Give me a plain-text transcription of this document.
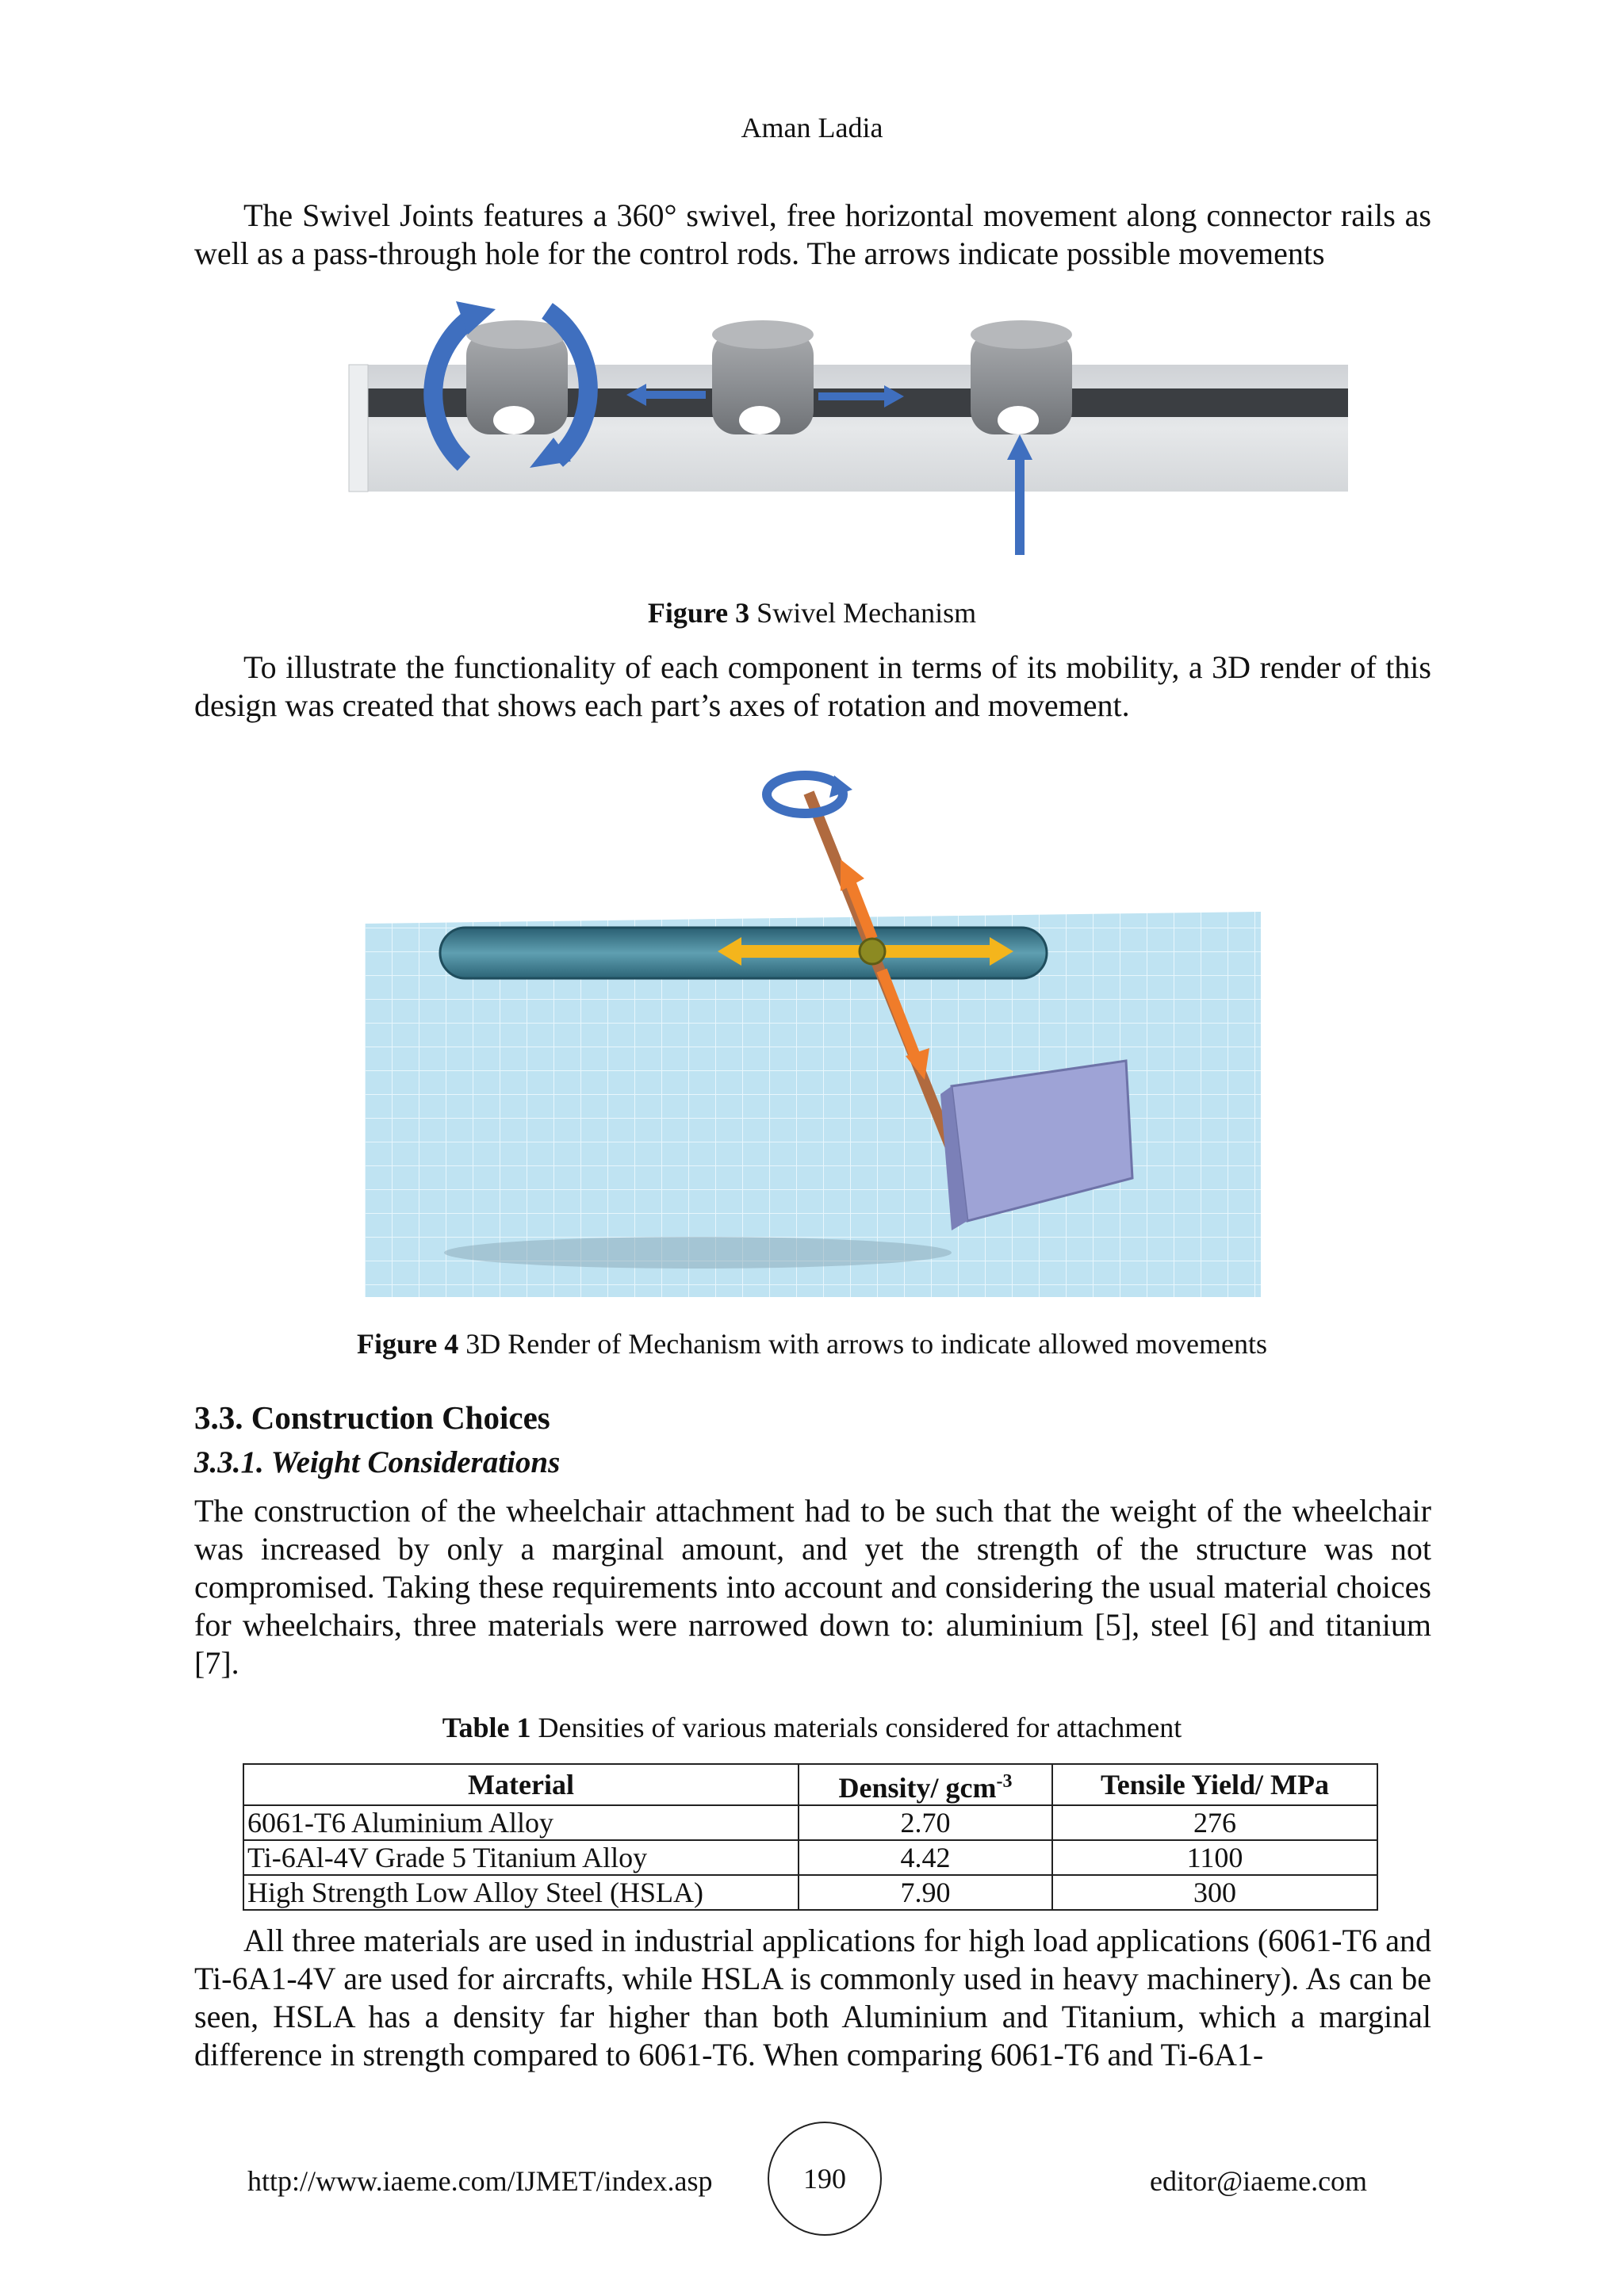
Aman Ladia
The Swivel Joints features a 360° swivel, free horizontal movement along connector rails as well as a pass-through hole for the control rods. The arrows indicate possible movements
Figure 3 Swivel Mechanism
To illustrate the functionality of each component in terms of its mobility, a 3D render of this design was created that shows each part’s axes of rotation and movement.
Figure 4 3D Render of Mechanism with arrows to indicate allowed movements
3.3. Construction Choices
3.3.1. Weight Considerations
The construction of the wheelchair attachment had to be such that the weight of the wheelchair was increased by only a marginal amount, and yet the strength of the structure was not compromised. Taking these requirements into account and considering the usual material choices for wheelchairs, three materials were narrowed down to: aluminium [5], steel [6] and titanium [7].
Table 1 Densities of various materials considered for attachment
Material	Density/ gcm$^{-3}$	Tensile Yield/ MPa
6061-T6 Aluminium Alloy	2.70	276
Ti-6Al-4V Grade 5 Titanium Alloy	4.42	1100
High Strength Low Alloy Steel (HSLA)	7.90	300
All three materials are used in industrial applications for high load applications (6061-T6 and Ti-6A1-4V are used for aircrafts, while HSLA is commonly used in heavy machinery). As can be seen, HSLA has a density far higher than both Aluminium and Titanium, which a marginal difference in strength compared to 6061-T6. When comparing 6061-T6 and Ti-6A1-
http://www.iaeme.com/IJMET/index.asp	190	editor@iaeme.com
